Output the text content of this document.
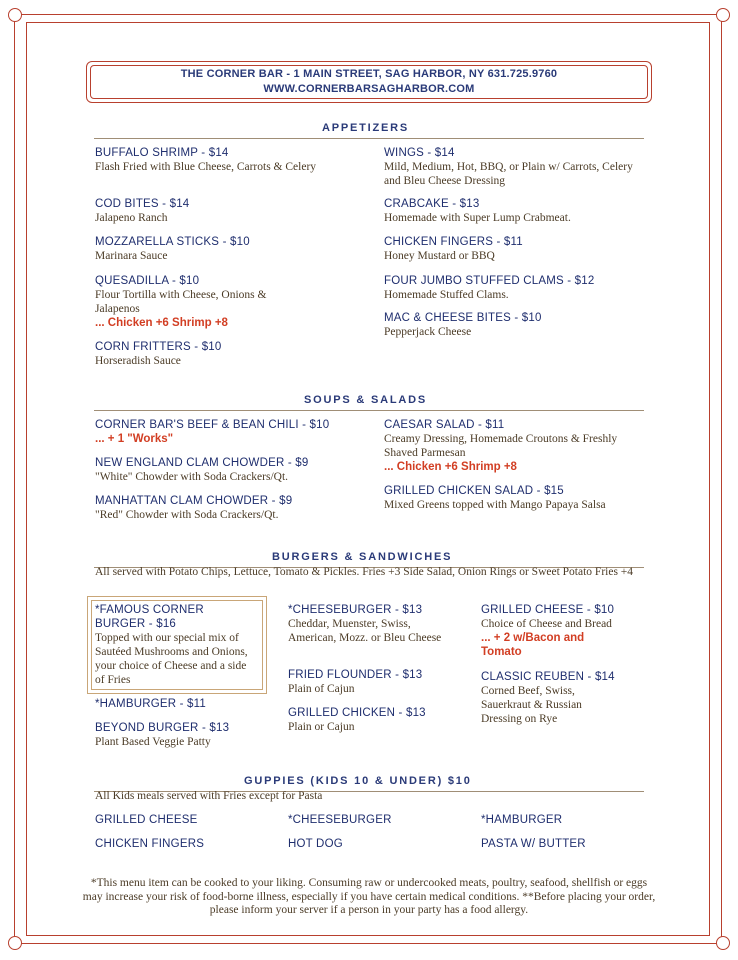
THE CORNER BAR - 1 MAIN STREET, SAG HARBOR, NY 631.725.9760
WWW.CORNERBARSAGHARBOR.COM
APPETIZERS
BUFFALO SHRIMP - $14
Flash Fried with Blue Cheese, Carrots & Celery
COD BITES - $14
Jalapeno Ranch
MOZZARELLA STICKS - $10
Marinara Sauce
QUESADILLA - $10
Flour Tortilla with Cheese, Onions & Jalapenos
... Chicken +6 Shrimp +8
CORN FRITTERS - $10
Horseradish Sauce
WINGS - $14
Mild, Medium, Hot, BBQ, or Plain w/ Carrots, Celery and Bleu Cheese Dressing
CRABCAKE - $13
Homemade with Super Lump Crabmeat.
CHICKEN FINGERS - $11
Honey Mustard or BBQ
FOUR JUMBO STUFFED CLAMS - $12
Homemade Stuffed Clams.
MAC & CHEESE BITES - $10
Pepperjack Cheese
SOUPS & SALADS
CORNER BAR'S BEEF & BEAN CHILI - $10
... + 1 "Works"
NEW ENGLAND CLAM CHOWDER - $9
"White" Chowder with Soda Crackers/Qt.
MANHATTAN CLAM CHOWDER - $9
"Red" Chowder with Soda Crackers/Qt.
CAESAR SALAD - $11
Creamy Dressing, Homemade Croutons & Freshly Shaved Parmesan
... Chicken +6 Shrimp +8
GRILLED CHICKEN SALAD - $15
Mixed Greens topped with Mango Papaya Salsa
BURGERS & SANDWICHES
All served with Potato Chips, Lettuce, Tomato & Pickles. Fries +3 Side Salad, Onion Rings or Sweet Potato Fries +4
*FAMOUS CORNER BURGER - $16
Topped with our special mix of Sautéed Mushrooms and Onions, your choice of Cheese and a side of Fries
*HAMBURGER - $11
BEYOND BURGER - $13
Plant Based Veggie Patty
*CHEESEBURGER - $13
Cheddar, Muenster, Swiss, American, Mozz. or Bleu Cheese
FRIED FLOUNDER - $13
Plain of Cajun
GRILLED CHICKEN - $13
Plain or Cajun
GRILLED CHEESE - $10
Choice of Cheese and Bread
... + 2 w/Bacon and Tomato
CLASSIC REUBEN - $14
Corned Beef, Swiss, Sauerkraut & Russian Dressing on Rye
GUPPIES (KIDS 10 & UNDER) $10
All Kids meals served with Fries except for Pasta
GRILLED CHEESE	*CHEESEBURGER	*HAMBURGER
CHICKEN FINGERS	HOT DOG	PASTA W/ BUTTER
*This menu item can be cooked to your liking. Consuming raw or undercooked meats, poultry, seafood, shellfish or eggs may increase your risk of food-borne illness, especially if you have certain medical conditions. **Before placing your order, please inform your server if a person in your party has a food allergy.
